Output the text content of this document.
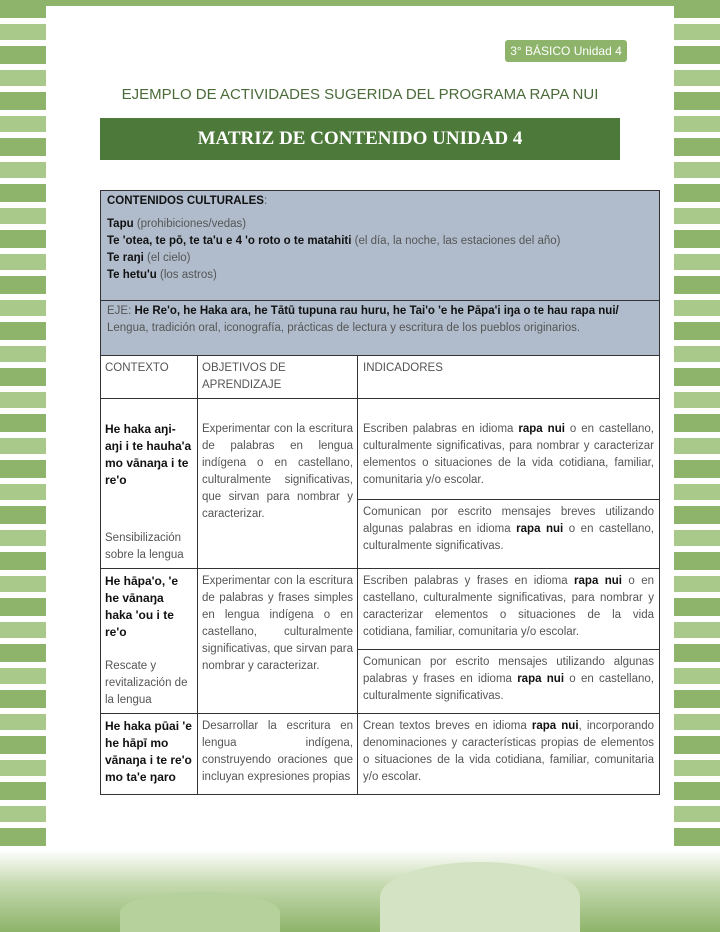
3° BÁSICO Unidad 4
EJEMPLO DE ACTIVIDADES SUGERIDA DEL PROGRAMA RAPA NUI
MATRIZ DE CONTENIDO UNIDAD 4

CONTENIDOS CULTURALES:

Tapu (prohibiciones/vedas)

Te 'otea, te pō, te ta'u e 4 'o roto o te matahiti (el día, la noche, las estaciones del año)

Te raŋi (el cielo)

Te hetu'u (los astros)

EJE: He Re'o, he Haka ara, he Tātū tupuna rau huru, he Tai'o 'e he Pāpa'i iŋa o te hau rapa nui/
Lengua, tradición oral, iconografía, prácticas de lectura y escritura de los pueblos originarios.
CONTEXTO	OBJETIVOS DE APRENDIZAJE
INDICADORES
He haka aŋi-aŋi i te hauha'a mo vānaŋa i te re'o
Sensibilización sobre la lengua
Experimentar con la escritura de palabras en lengua indígena o en castellano, culturalmente significativas, que sirvan para nombrar y caracterizar.
Escriben palabras en idioma rapa nui o en castellano, culturalmente significativas, para nombrar y caracterizar elementos o situaciones de la vida cotidiana, familiar, comunitaria y/o escolar.
Comunican por escrito mensajes breves utilizando algunas palabras en idioma rapa nui o en castellano, culturalmente significativas.
He hāpa'o, 'e he vānaŋa haka 'ou i te re'o
Rescate y revitalización de la lengua
Experimentar con la escritura de palabras y frases simples en lengua indígena o en castellano, culturalmente significativas, que sirvan para nombrar y caracterizar.
Escriben palabras y frases en idioma rapa nui o en castellano, culturalmente significativas, para nombrar y caracterizar elementos o situaciones de la vida cotidiana, familiar, comunitaria y/o escolar.
Comunican por escrito mensajes utilizando algunas palabras y frases en idioma rapa nui o en castellano, culturalmente significativas.
He haka pūai 'e he hāpī mo vānaŋa i te re'o mo ta'e ŋaro
Desarrollar la escritura en lengua indígena, construyendo oraciones que incluyan expresiones propias
Crean textos breves en idioma rapa nui, incorporando denominaciones y características propias de elementos o situaciones de la vida cotidiana, familiar, comunitaria y/o escolar.
